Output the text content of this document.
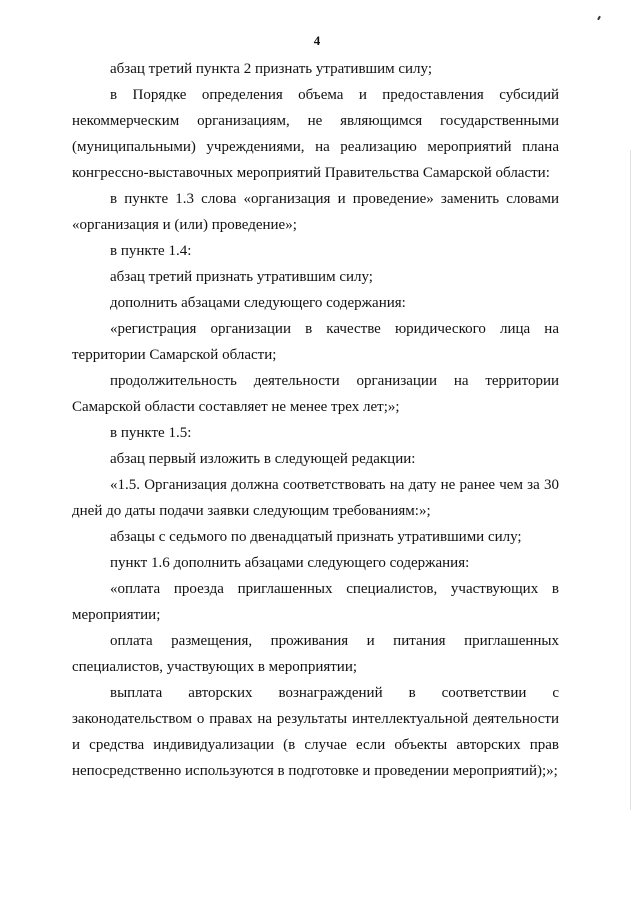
4

абзац третий пункта 2 признать утратившим силу;

в Порядке определения объема и предоставления субсидий некоммерческим организациям, не являющимся государственными (муниципальными) учреждениями, на реализацию мероприятий плана конгрессно-выставочных мероприятий Правительства Самарской области:

в пункте 1.3 слова «организация и проведение» заменить словами «организация и (или) проведение»;

в пункте 1.4:

абзац третий признать утратившим силу;

дополнить абзацами следующего содержания:

«регистрация организации в качестве юридического лица на территории Самарской области;

продолжительность деятельности организации на территории Самарской области составляет не менее трех лет;»;

в пункте 1.5:

абзац первый изложить в следующей редакции:

«1.5. Организация должна соответствовать на дату не ранее чем за 30 дней до даты подачи заявки следующим требованиям:»;

абзацы с седьмого по двенадцатый признать утратившими силу;

пункт 1.6 дополнить абзацами следующего содержания:

«оплата проезда приглашенных специалистов, участвующих в мероприятии;

оплата размещения, проживания и питания приглашенных специалистов, участвующих в мероприятии;

выплата авторских вознаграждений в соответствии с законодательством о правах на результаты интеллектуальной деятельности и средства индивидуализации (в случае если объекты авторских прав непосредственно используются в подготовке и проведении мероприятий);»;
